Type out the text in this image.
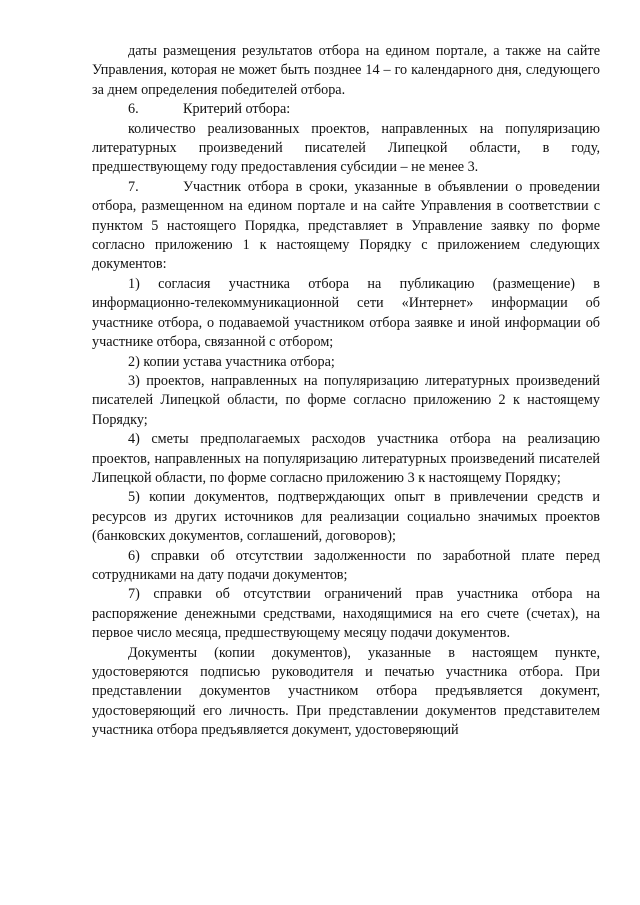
даты размещения результатов отбора на едином портале, а также на сайте Управления, которая не может быть позднее 14 – го календарного дня, следующего за днем определения победителей отбора.

6.	Критерий отбора:

количество реализованных проектов, направленных на популяризацию литературных произведений писателей Липецкой области, в году, предшествующему году предоставления субсидии – не менее 3.

7.	Участник отбора в сроки, указанные в объявлении о проведении отбора, размещенном на едином портале и на сайте Управления в соответствии с пунктом 5 настоящего Порядка, представляет в Управление заявку по форме согласно приложению 1 к настоящему Порядку с приложением следующих документов:

1) согласия участника отбора на публикацию (размещение) в информационно-телекоммуникационной сети «Интернет» информации об участнике отбора, о подаваемой участником отбора заявке и иной информации об участнике отбора, связанной с отбором;

2) копии устава участника отбора;

3) проектов, направленных на популяризацию литературных произведений писателей Липецкой области, по форме согласно приложению 2 к настоящему Порядку;

4) сметы предполагаемых расходов участника отбора на реализацию проектов, направленных на популяризацию литературных произведений писателей Липецкой области, по форме согласно приложению 3 к настоящему Порядку;

5) копии документов, подтверждающих опыт в привлечении средств и ресурсов из других источников для реализации социально значимых проектов (банковских документов, соглашений, договоров);

6) справки об отсутствии задолженности по заработной плате перед сотрудниками на дату подачи документов;

7) справки об отсутствии ограничений прав участника отбора на распоряжение денежными средствами, находящимися на его счете (счетах), на первое число месяца, предшествующему месяцу подачи документов.

Документы (копии документов), указанные в настоящем пункте, удостоверяются подписью руководителя и печатью участника отбора. При представлении документов участником отбора предъявляется документ, удостоверяющий его личность. При представлении документов представителем участника отбора предъявляется документ, удостоверяющий
